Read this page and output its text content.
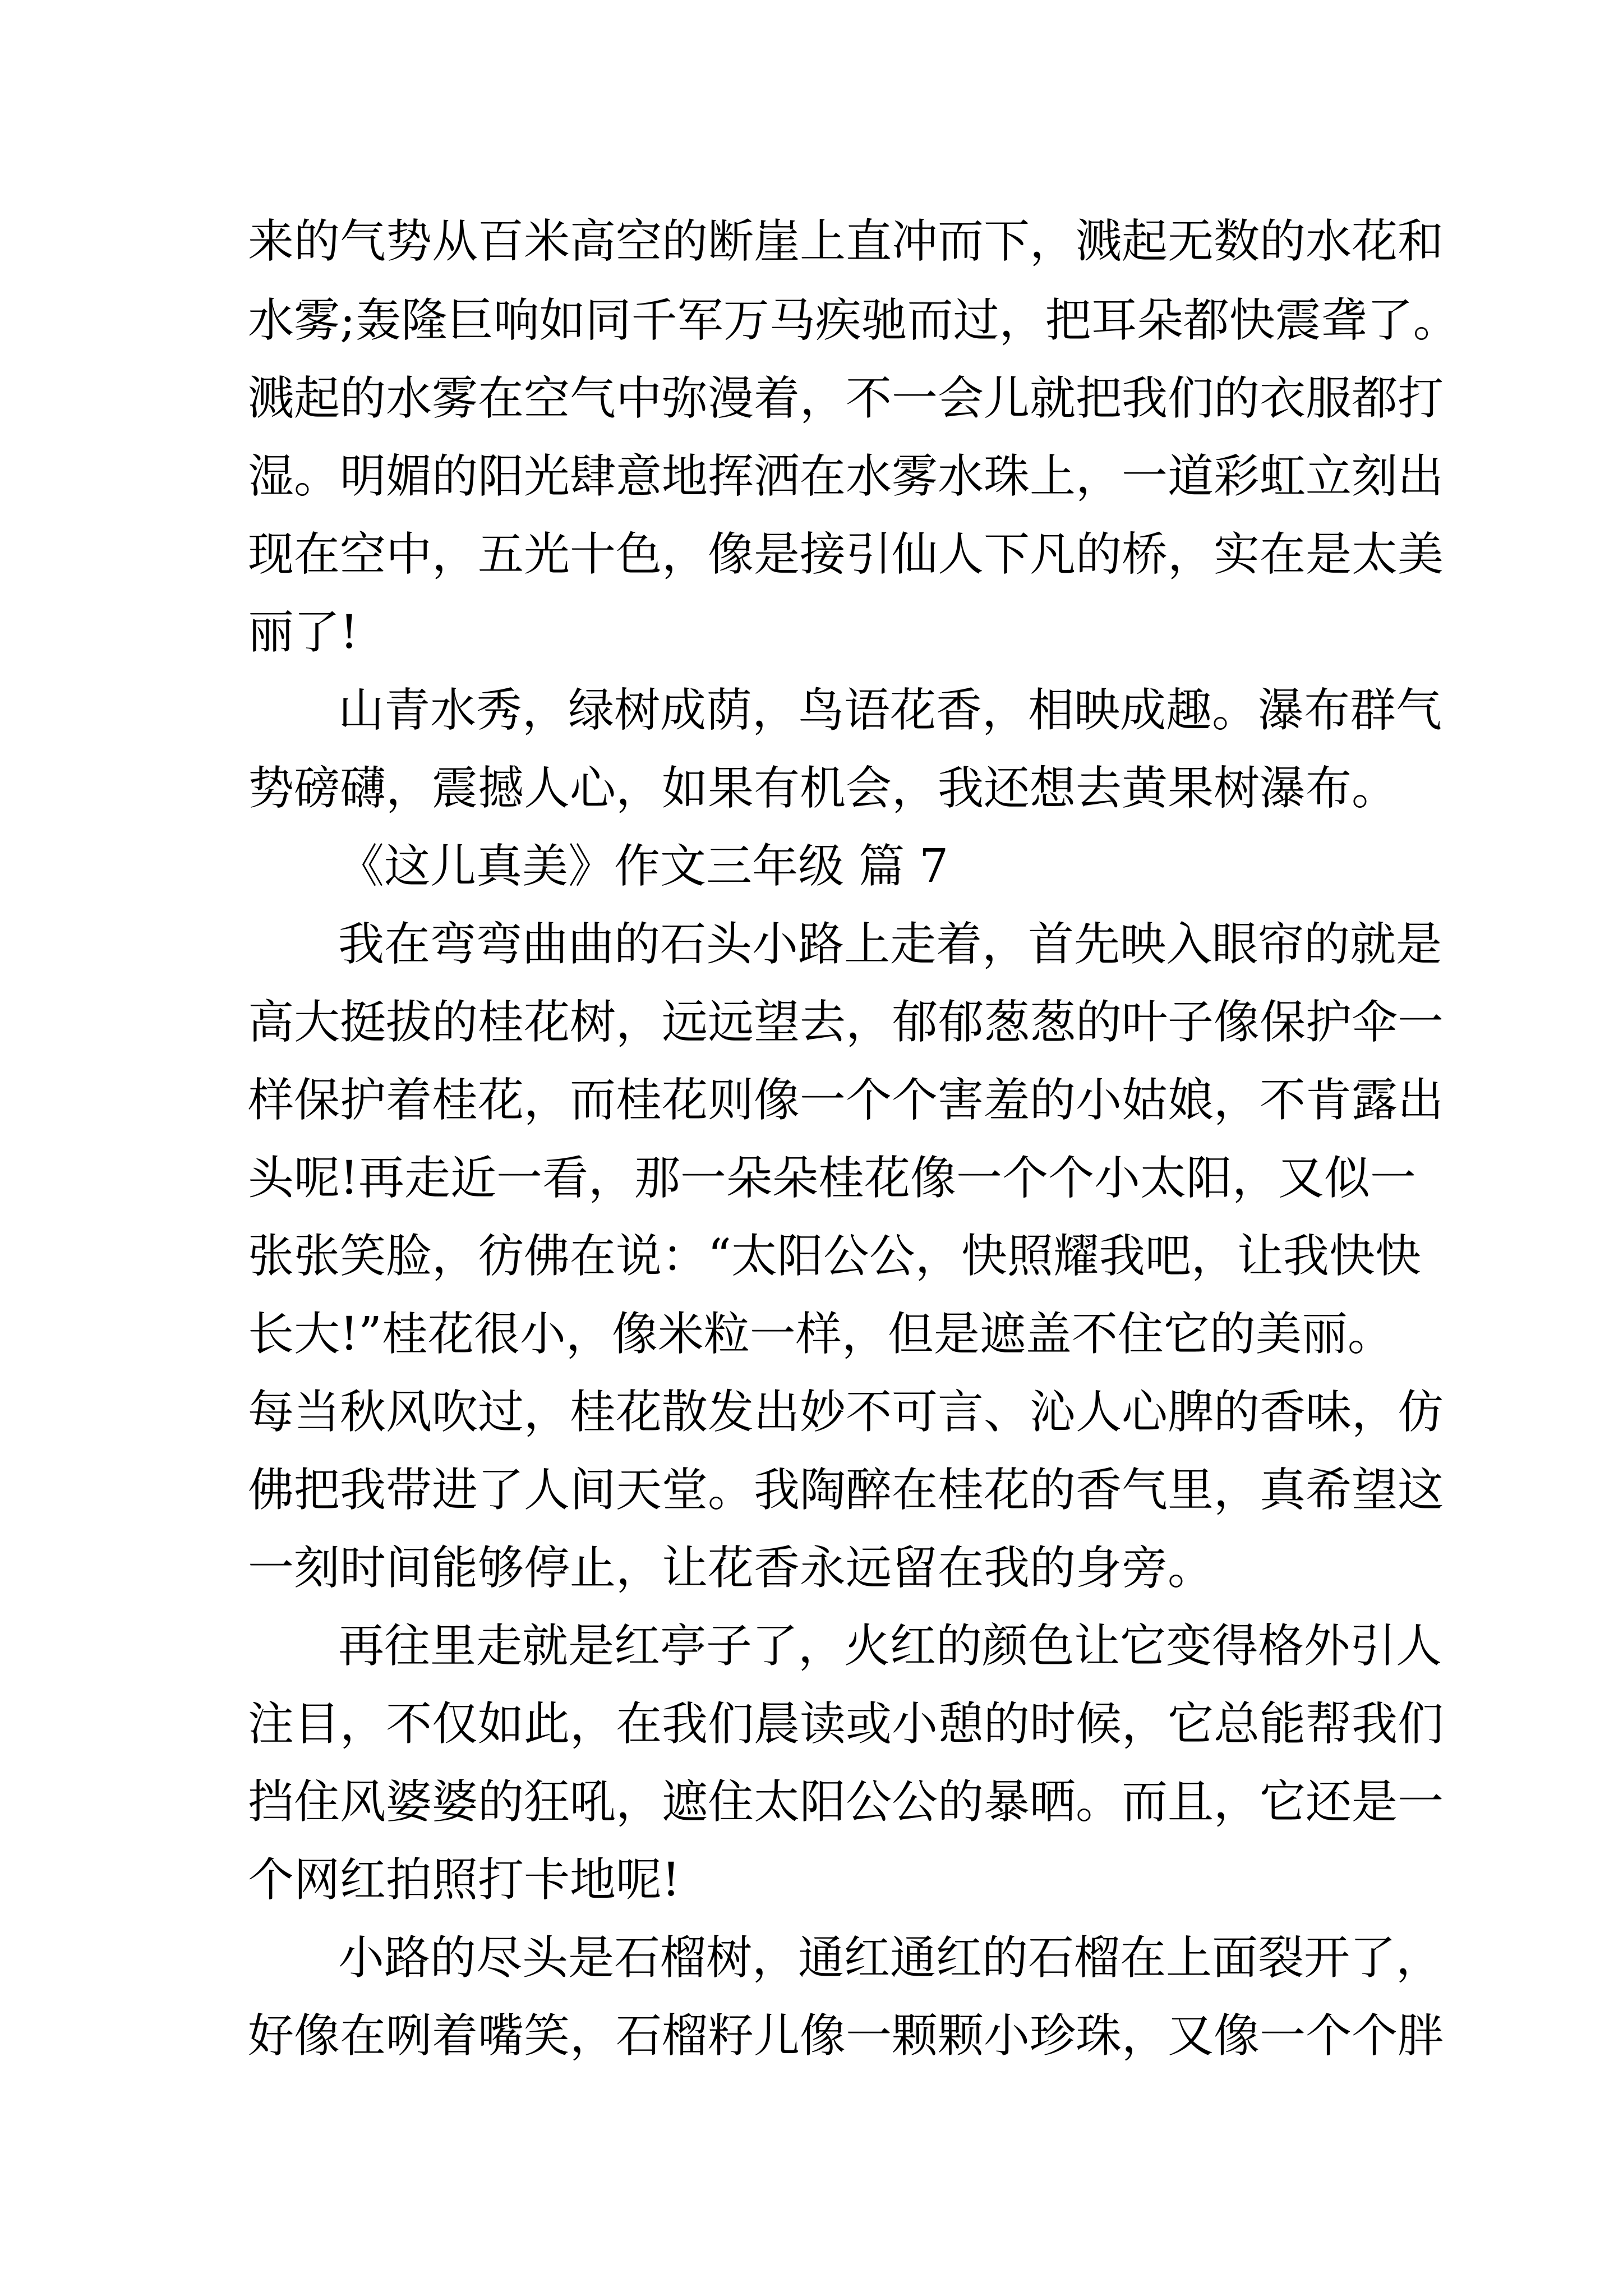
来的气势从百米高空的断崖上直冲而下，溅起无数的水花和
水雾;轰隆巨响如同千军万马疾驰而过，把耳朵都快震聋了。
溅起的水雾在空气中弥漫着，不一会儿就把我们的衣服都打
湿。明媚的阳光肆意地挥洒在水雾水珠上，一道彩虹立刻出
现在空中，五光十色，像是接引仙人下凡的桥，实在是太美
丽了!
山青水秀，绿树成荫，鸟语花香，相映成趣。瀑布群气
势磅礴，震撼人心，如果有机会，我还想去黄果树瀑布。
《这儿真美》作文三年级 篇 7
我在弯弯曲曲的石头小路上走着，首先映入眼帘的就是
高大挺拔的桂花树，远远望去，郁郁葱葱的叶子像保护伞一
样保护着桂花，而桂花则像一个个害羞的小姑娘，不肯露出
头呢!再走近一看，那一朵朵桂花像一个个小太阳，又似一
张张笑脸，彷佛在说：“太阳公公，快照耀我吧，让我快快
长大!”桂花很小，像米粒一样，但是遮盖不住它的美丽。
每当秋风吹过，桂花散发出妙不可言、沁人心脾的香味，仿
佛把我带进了人间天堂。我陶醉在桂花的香气里，真希望这
一刻时间能够停止，让花香永远留在我的身旁。
再往里走就是红亭子了，火红的颜色让它变得格外引人
注目，不仅如此，在我们晨读或小憩的时候，它总能帮我们
挡住风婆婆的狂吼，遮住太阳公公的暴晒。而且，它还是一
个网红拍照打卡地呢!
小路的尽头是石榴树，通红通红的石榴在上面裂开了，
好像在咧着嘴笑，石榴籽儿像一颗颗小珍珠，又像一个个胖
